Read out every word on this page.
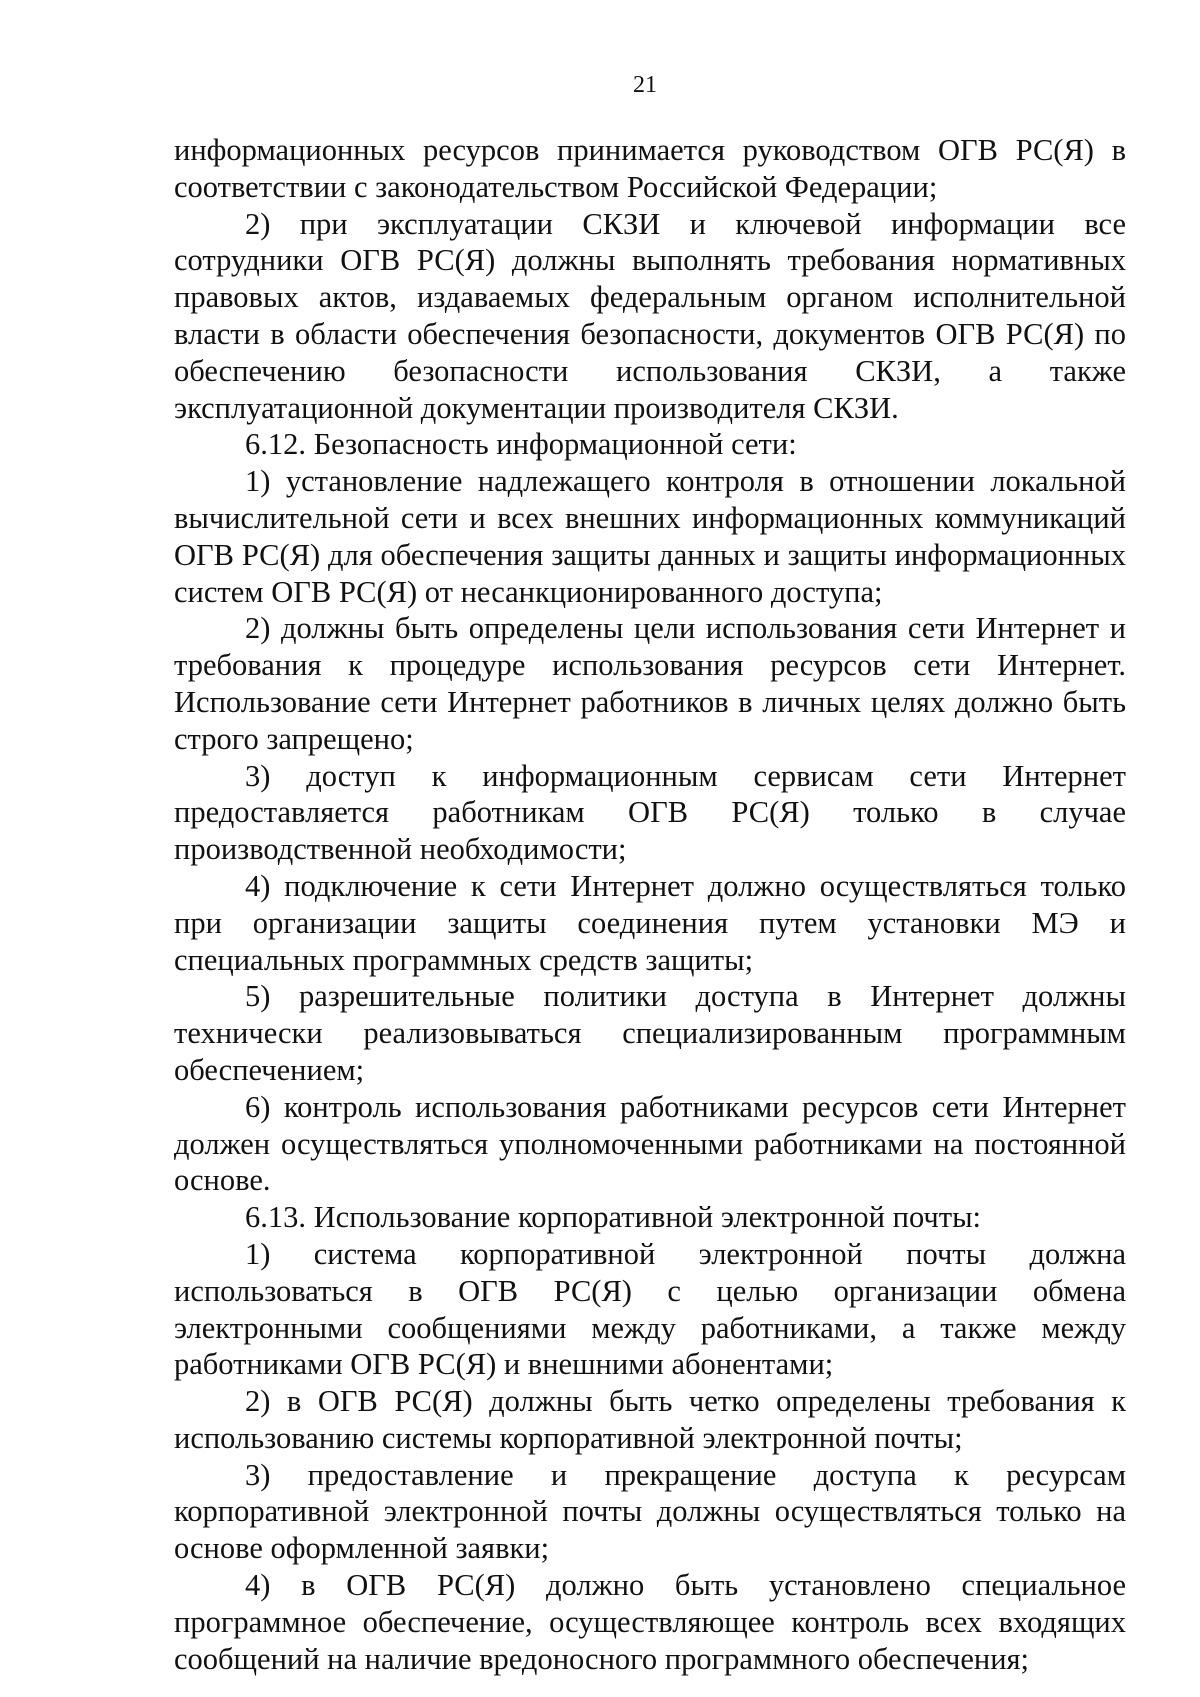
21

информационных ресурсов принимается руководством ОГВ РС(Я) в соответствии с законодательством Российской Федерации;

2) при эксплуатации СКЗИ и ключевой информации все сотрудники ОГВ РС(Я) должны выполнять требования нормативных правовых актов, издаваемых федеральным органом исполнительной власти в области обеспечения безопасности, документов ОГВ РС(Я) по обеспечению безопасности использования СКЗИ, а также эксплуатационной документации производителя СКЗИ.

6.12. Безопасность информационной сети:

1) установление надлежащего контроля в отношении локальной вычислительной сети и всех внешних информационных коммуникаций ОГВ РС(Я) для обеспечения защиты данных и защиты информационных систем ОГВ РС(Я) от несанкционированного доступа;

2) должны быть определены цели использования сети Интернет и требования к процедуре использования ресурсов сети Интернет. Использование сети Интернет работников в личных целях должно быть строго запрещено;

3) доступ к информационным сервисам сети Интернет предоставляется работникам ОГВ РС(Я) только в случае производственной необходимости;

4) подключение к сети Интернет должно осуществляться только при организации защиты соединения путем установки МЭ и специальных программных средств защиты;

5) разрешительные политики доступа в Интернет должны технически реализовываться специализированным программным обеспечением;

6) контроль использования работниками ресурсов сети Интернет должен осуществляться уполномоченными работниками на постоянной основе.

6.13. Использование корпоративной электронной почты:

1) система корпоративной электронной почты должна использоваться в ОГВ РС(Я) с целью организации обмена электронными сообщениями между работниками, а также между работниками ОГВ РС(Я) и внешними абонентами;

2) в ОГВ РС(Я) должны быть четко определены требования к использованию системы корпоративной электронной почты;

3) предоставление и прекращение доступа к ресурсам корпоративной электронной почты должны осуществляться только на основе оформленной заявки;

4) в ОГВ РС(Я) должно быть установлено специальное программное обеспечение, осуществляющее контроль всех входящих сообщений на наличие вредоносного программного обеспечения;
